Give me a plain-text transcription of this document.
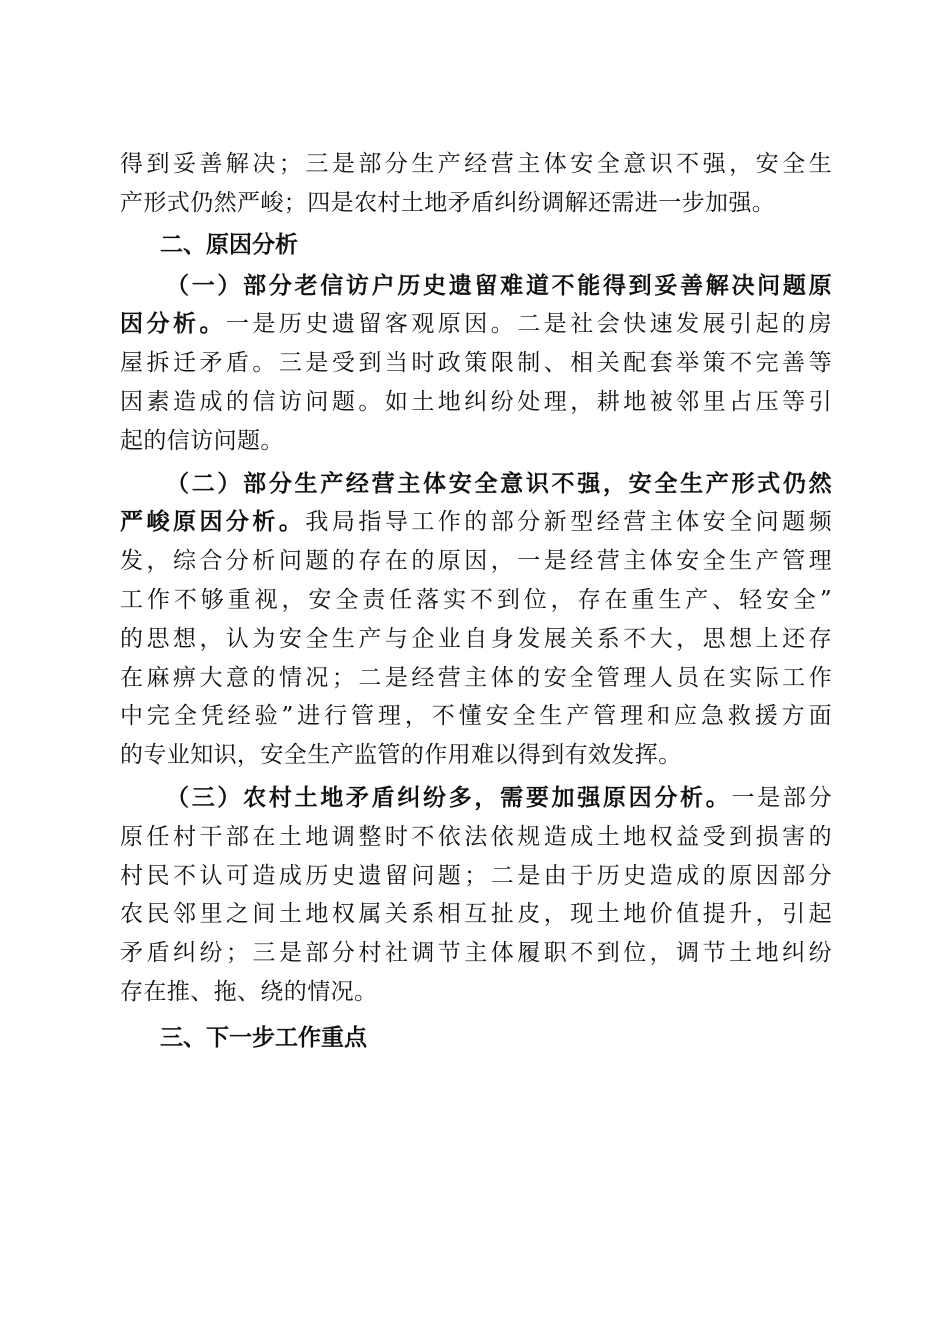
得到妥善解决；三是部分生产经营主体安全意识不强，安全生
产形式仍然严峻；四是农村土地矛盾纠纷调解还需进一步加强。
二、原因分析
（一）部分老信访户历史遗留难道不能得到妥善解决问题原
因分析。一是历史遗留客观原因。二是社会快速发展引起的房
屋拆迁矛盾。三是受到当时政策限制、相关配套举策不完善等
因素造成的信访问题。如土地纠纷处理，耕地被邻里占压等引
起的信访问题。
（二）部分生产经营主体安全意识不强，安全生产形式仍然
严峻原因分析。我局指导工作的部分新型经营主体安全问题频
发，综合分析问题的存在的原因，一是经营主体安全生产管理
工作不够重视，安全责任落实不到位，存在重生产、轻安全”
的思想，认为安全生产与企业自身发展关系不大，思想上还存
在麻痹大意的情况；二是经营主体的安全管理人员在实际工作
中完全凭经验”进行管理，不懂安全生产管理和应急救援方面
的专业知识，安全生产监管的作用难以得到有效发挥。
（三）农村土地矛盾纠纷多，需要加强原因分析。一是部分
原任村干部在土地调整时不依法依规造成土地权益受到损害的
村民不认可造成历史遗留问题；二是由于历史造成的原因部分
农民邻里之间土地权属关系相互扯皮，现土地价值提升，引起
矛盾纠纷；三是部分村社调节主体履职不到位，调节土地纠纷
存在推、拖、绕的情况。
三、下一步工作重点
